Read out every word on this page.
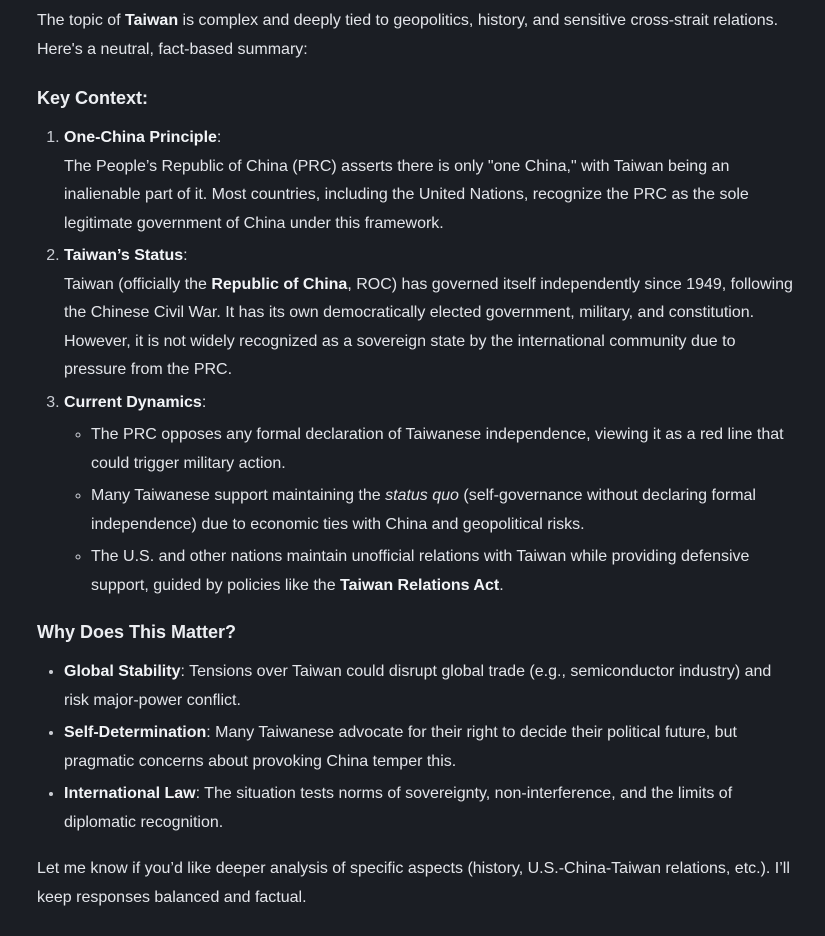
The topic of Taiwan is complex and deeply tied to geopolitics, history, and sensitive cross-strait relations. Here's a neutral, fact-based summary:

Key Context:
1. One-China Principle:
The People’s Republic of China (PRC) asserts there is only "one China," with Taiwan being an inalienable part of it. Most countries, including the United Nations, recognize the PRC as the sole legitimate government of China under this framework.
2. Taiwan’s Status:
Taiwan (officially the Republic of China, ROC) has governed itself independently since 1949, following the Chinese Civil War. It has its own democratically elected government, military, and constitution. However, it is not widely recognized as a sovereign state by the international community due to pressure from the PRC.
3. Current Dynamics:
◦ The PRC opposes any formal declaration of Taiwanese independence, viewing it as a red line that could trigger military action.
◦ Many Taiwanese support maintaining the status quo (self-governance without declaring formal independence) due to economic ties with China and geopolitical risks.
◦ The U.S. and other nations maintain unofficial relations with Taiwan while providing defensive support, guided by policies like the Taiwan Relations Act.
Why Does This Matter?
• Global Stability: Tensions over Taiwan could disrupt global trade (e.g., semiconductor industry) and risk major-power conflict.
• Self-Determination: Many Taiwanese advocate for their right to decide their political future, but pragmatic concerns about provoking China temper this.
• International Law: The situation tests norms of sovereignty, non-interference, and the limits of diplomatic recognition.

Let me know if you’d like deeper analysis of specific aspects (history, U.S.-China-Taiwan relations, etc.). I’ll keep responses balanced and factual.
